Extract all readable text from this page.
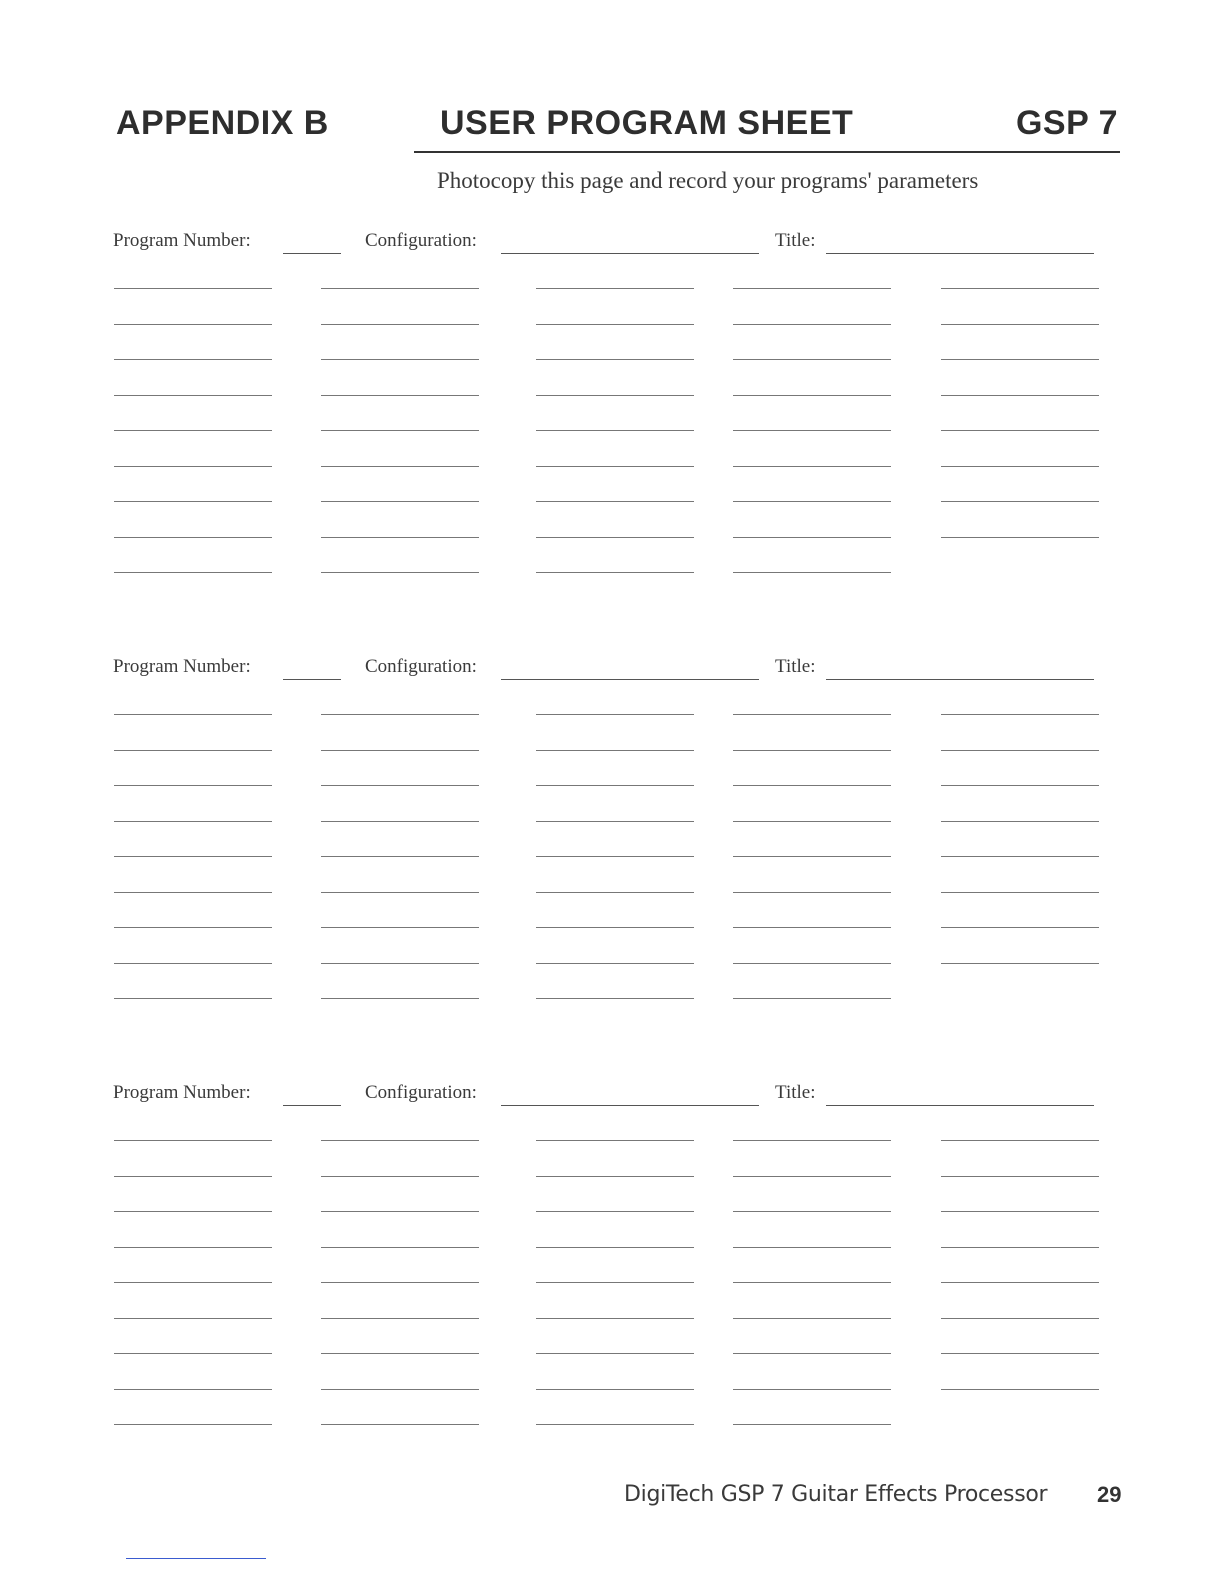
APPENDIX B	USER PROGRAM SHEET	GSP 7
Photocopy this page and record your programs' parameters
Program Number:	Configuration:	Title:
Program Number:	Configuration:	Title:
Program Number:	Configuration:	Title:
DigiTech GSP 7 Guitar Effects Processor 29
